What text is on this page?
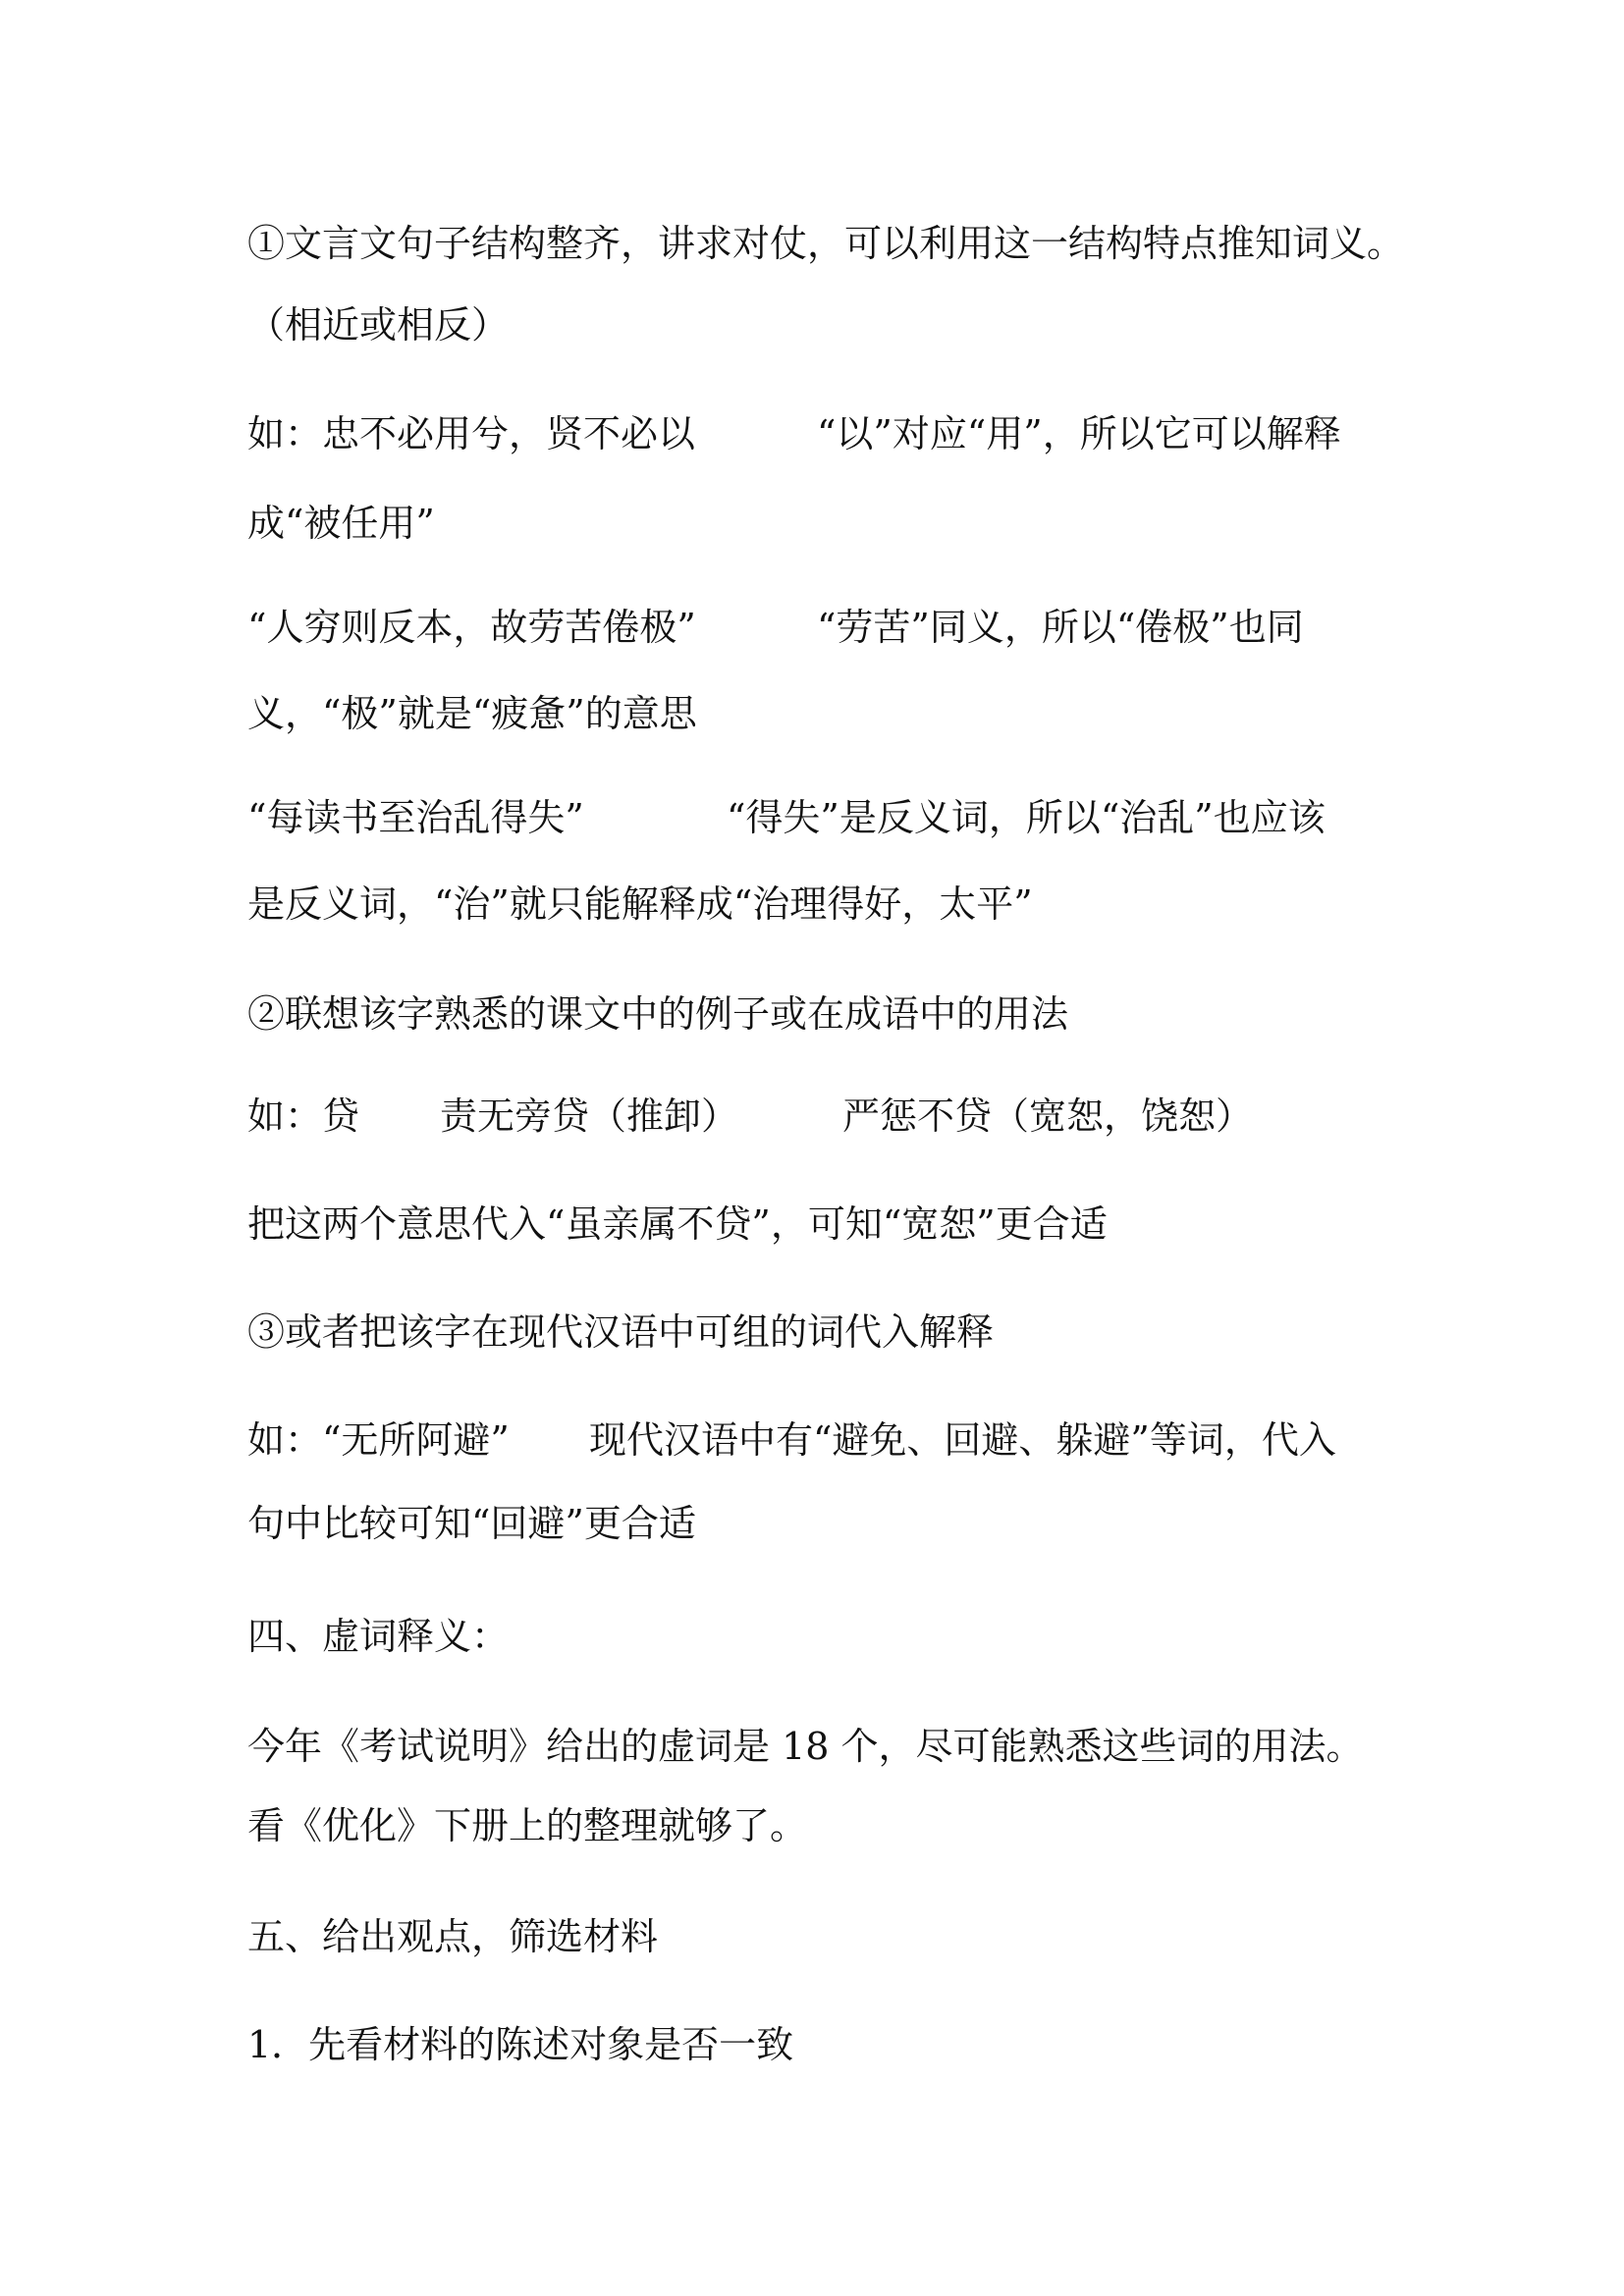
①文言文句子结构整齐，讲求对仗，可以利用这一结构特点推知词义。
（相近或相反）
如：忠不必用兮，贤不必以	“以”对应“用”，所以它可以解释
成“被任用”
“人穷则反本，故劳苦倦极”	“劳苦”同义，所以“倦极”也同
义，“极”就是“疲惫”的意思
“每读书至治乱得失”	“得失”是反义词，所以“治乱”也应该
是反义词，“治”就只能解释成“治理得好，太平”
②联想该字熟悉的课文中的例子或在成语中的用法
如：贷 责无旁贷（推卸）	严惩不贷（宽恕，饶恕）
把这两个意思代入“虽亲属不贷”，可知“宽恕”更合适
③或者把该字在现代汉语中可组的词代入解释
如：“无所阿避” 现代汉语中有“避免、回避、躲避”等词，代入
句中比较可知“回避”更合适
四、虚词释义：
今年《考试说明》给出的虚词是 18 个，尽可能熟悉这些词的用法。
看《优化》下册上的整理就够了。
五、给出观点，筛选材料
1．先看材料的陈述对象是否一致
